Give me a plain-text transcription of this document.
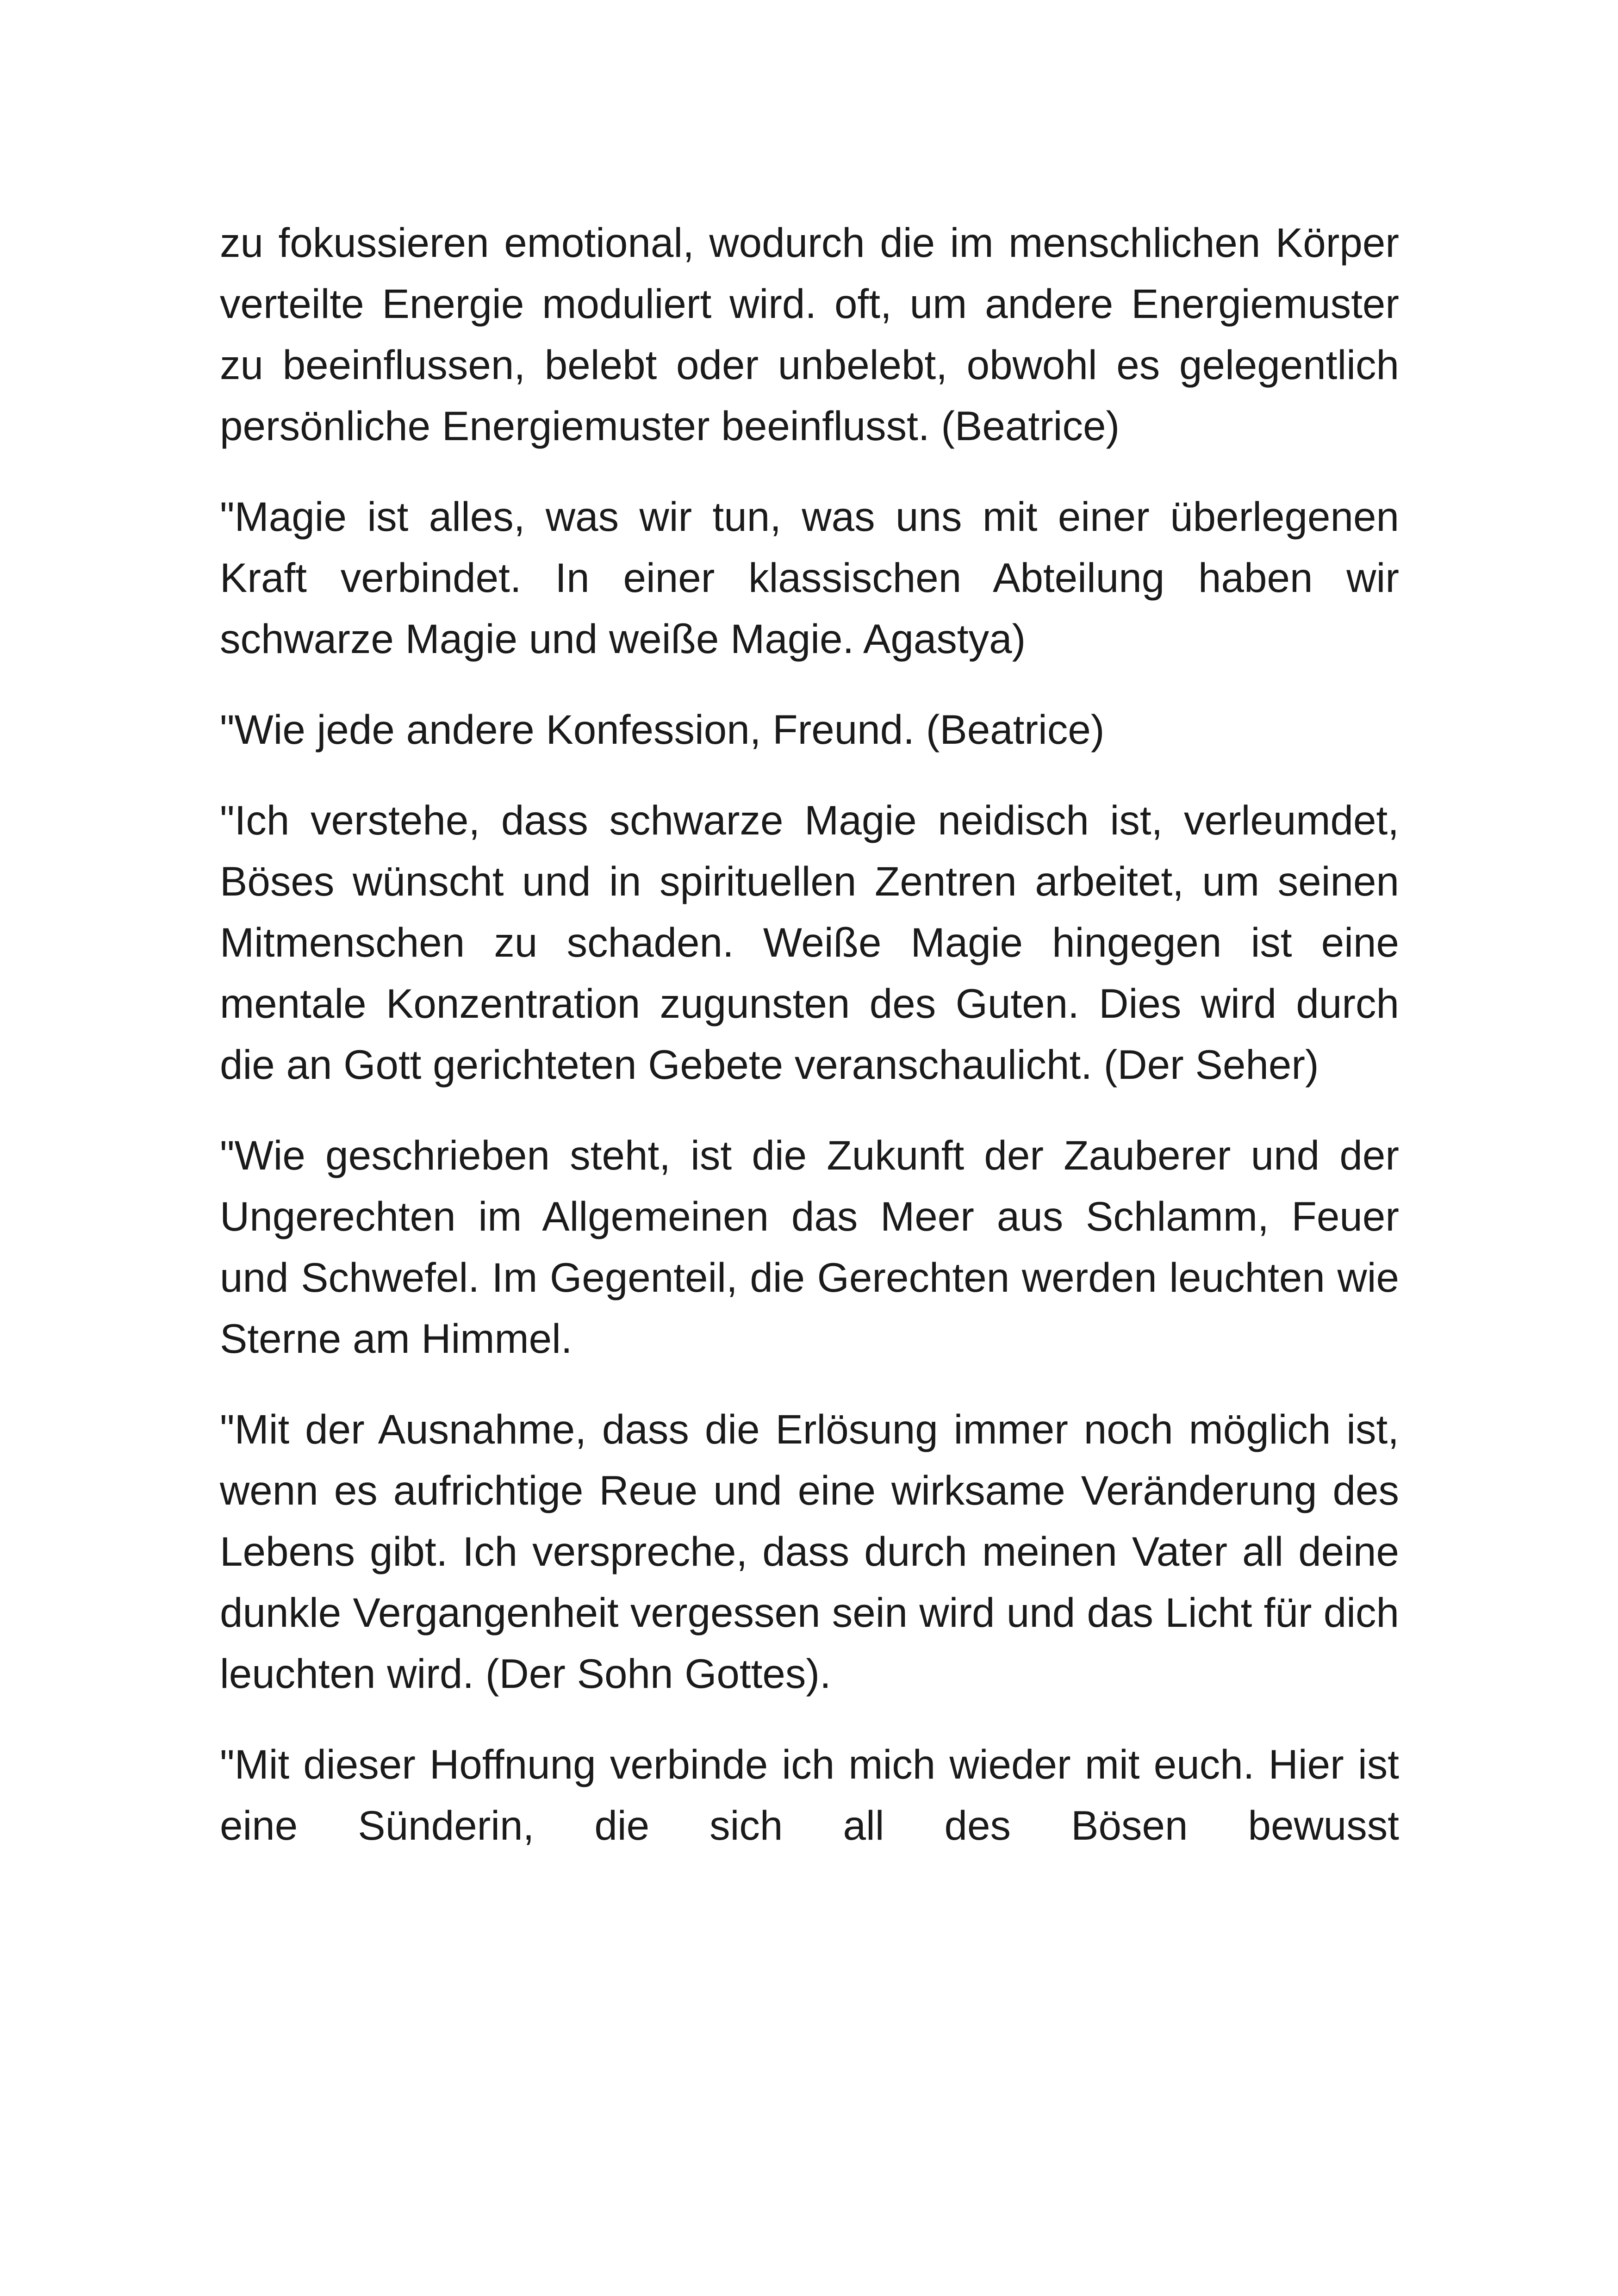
zu fokussieren emotional, wodurch die im menschlichen Körper verteilte Energie moduliert wird. oft, um andere Energiemuster zu beeinflussen, belebt oder unbelebt, obwohl es gelegentlich persönliche Energiemuster beeinflusst. (Beatrice)

"Magie ist alles, was wir tun, was uns mit einer überlegenen Kraft verbindet. In einer klassischen Abteilung haben wir schwarze Magie und weiße Magie. Agastya)

"Wie jede andere Konfession, Freund. (Beatrice)

"Ich verstehe, dass schwarze Magie neidisch ist, verleumdet, Böses wünscht und in spirituellen Zentren arbeitet, um seinen Mitmenschen zu schaden. Weiße Magie hingegen ist eine mentale Konzentration zugunsten des Guten. Dies wird durch die an Gott gerichteten Gebete veranschaulicht. (Der Seher)

"Wie geschrieben steht, ist die Zukunft der Zauberer und der Ungerechten im Allgemeinen das Meer aus Schlamm, Feuer und Schwefel. Im Gegenteil, die Gerechten werden leuchten wie Sterne am Himmel.

"Mit der Ausnahme, dass die Erlösung immer noch möglich ist, wenn es aufrichtige Reue und eine wirksame Veränderung des Lebens gibt. Ich verspreche, dass durch meinen Vater all deine dunkle Vergangenheit vergessen sein wird und das Licht für dich leuchten wird. (Der Sohn Gottes).

"Mit dieser Hoffnung verbinde ich mich wieder mit euch. Hier ist eine Sünderin, die sich all des Bösen bewusst
